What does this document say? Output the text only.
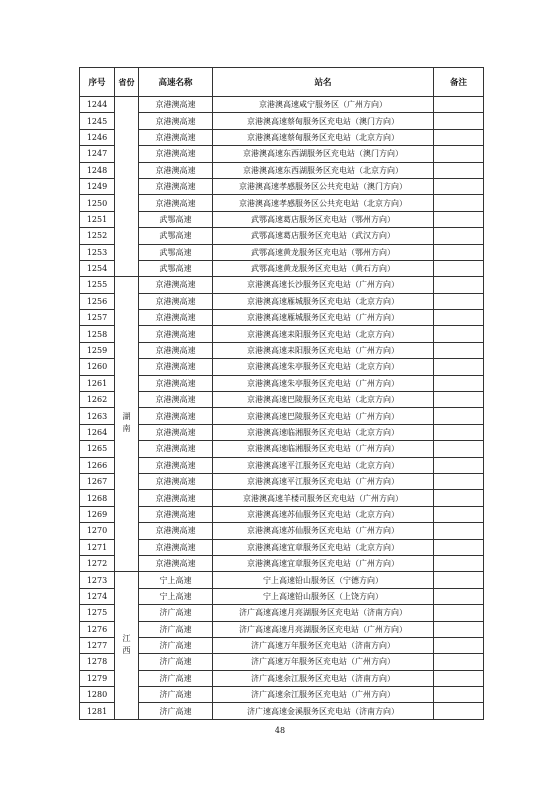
序号	省份	高速名称	站名	备注
1244		京港澳高速	京港澳高速咸宁服务区（广州方向）	
1245		京港澳高速	京港澳高速蔡甸服务区充电站（澳门方向）	
1246		京港澳高速	京港澳高速蔡甸服务区充电站（北京方向）	
1247		京港澳高速	京港澳高速东西湖服务区充电站（澳门方向）	
1248		京港澳高速	京港澳高速东西湖服务区充电站（北京方向）	
1249		京港澳高速	京港澳高速孝感服务区公共充电站（澳门方向）	
1250		京港澳高速	京港澳高速孝感服务区公共充电站（北京方向）	
1251		武鄂高速	武鄂高速葛店服务区充电站（鄂州方向）	
1252		武鄂高速	武鄂高速葛店服务区充电站（武汉方向）	
1253		武鄂高速	武鄂高速黄龙服务区充电站（鄂州方向）	
1254		武鄂高速	武鄂高速黄龙服务区充电站（黄石方向）	
1255	湖南	京港澳高速	京港澳高速长沙服务区充电站（广州方向）	
1256		京港澳高速	京港澳高速雁城服务区充电站（北京方向）	
1257		京港澳高速	京港澳高速雁城服务区充电站（广州方向）	
1258		京港澳高速	京港澳高速耒阳服务区充电站（北京方向）	
1259		京港澳高速	京港澳高速耒阳服务区充电站（广州方向）	
1260		京港澳高速	京港澳高速朱亭服务区充电站（北京方向）	
1261		京港澳高速	京港澳高速朱亭服务区充电站（广州方向）	
1262		京港澳高速	京港澳高速巴陵服务区充电站（北京方向）	
1263		京港澳高速	京港澳高速巴陵服务区充电站（广州方向）	
1264		京港澳高速	京港澳高速临湘服务区充电站（北京方向）	
1265		京港澳高速	京港澳高速临湘服务区充电站（广州方向）	
1266		京港澳高速	京港澳高速平江服务区充电站（北京方向）	
1267		京港澳高速	京港澳高速平江服务区充电站（广州方向）	
1268		京港澳高速	京港澳高速羊楼司服务区充电站（广州方向）	
1269		京港澳高速	京港澳高速苏仙服务区充电站（北京方向）	
1270		京港澳高速	京港澳高速苏仙服务区充电站（广州方向）	
1271		京港澳高速	京港澳高速宜章服务区充电站（北京方向）	
1272		京港澳高速	京港澳高速宜章服务区充电站（广州方向）	
1273	江西	宁上高速	宁上高速铅山服务区（宁德方向）	
1274		宁上高速	宁上高速铅山服务区（上饶方向）	
1275		济广高速	济广高速高速月亮湖服务区充电站（济南方向）	
1276		济广高速	济广高速高速月亮湖服务区充电站（广州方向）	
1277		济广高速	济广高速万年服务区充电站（济南方向）	
1278		济广高速	济广高速万年服务区充电站（广州方向）	
1279		济广高速	济广高速余江服务区充电站（济南方向）	
1280		济广高速	济广高速余江服务区充电站（广州方向）	
1281		济广高速	济广速高速金溪服务区充电站（济南方向）	
48
